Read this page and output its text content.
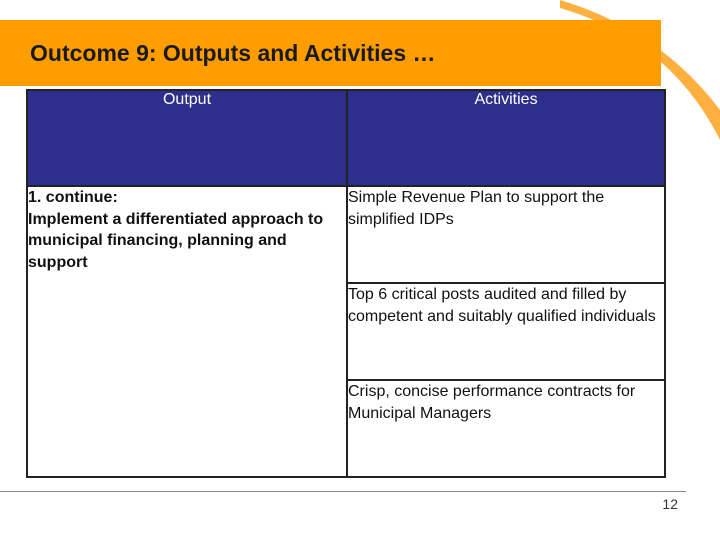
Outcome 9: Outputs and Activities …
Output	Activities

1. continue:
Implement a differentiated approach to municipal financing, planning and support	Simple Revenue Plan to support the simplified IDPs
	Top 6 critical posts audited and filled by competent and suitably qualified individuals
	Crisp, concise performance contracts for Municipal Managers
12
